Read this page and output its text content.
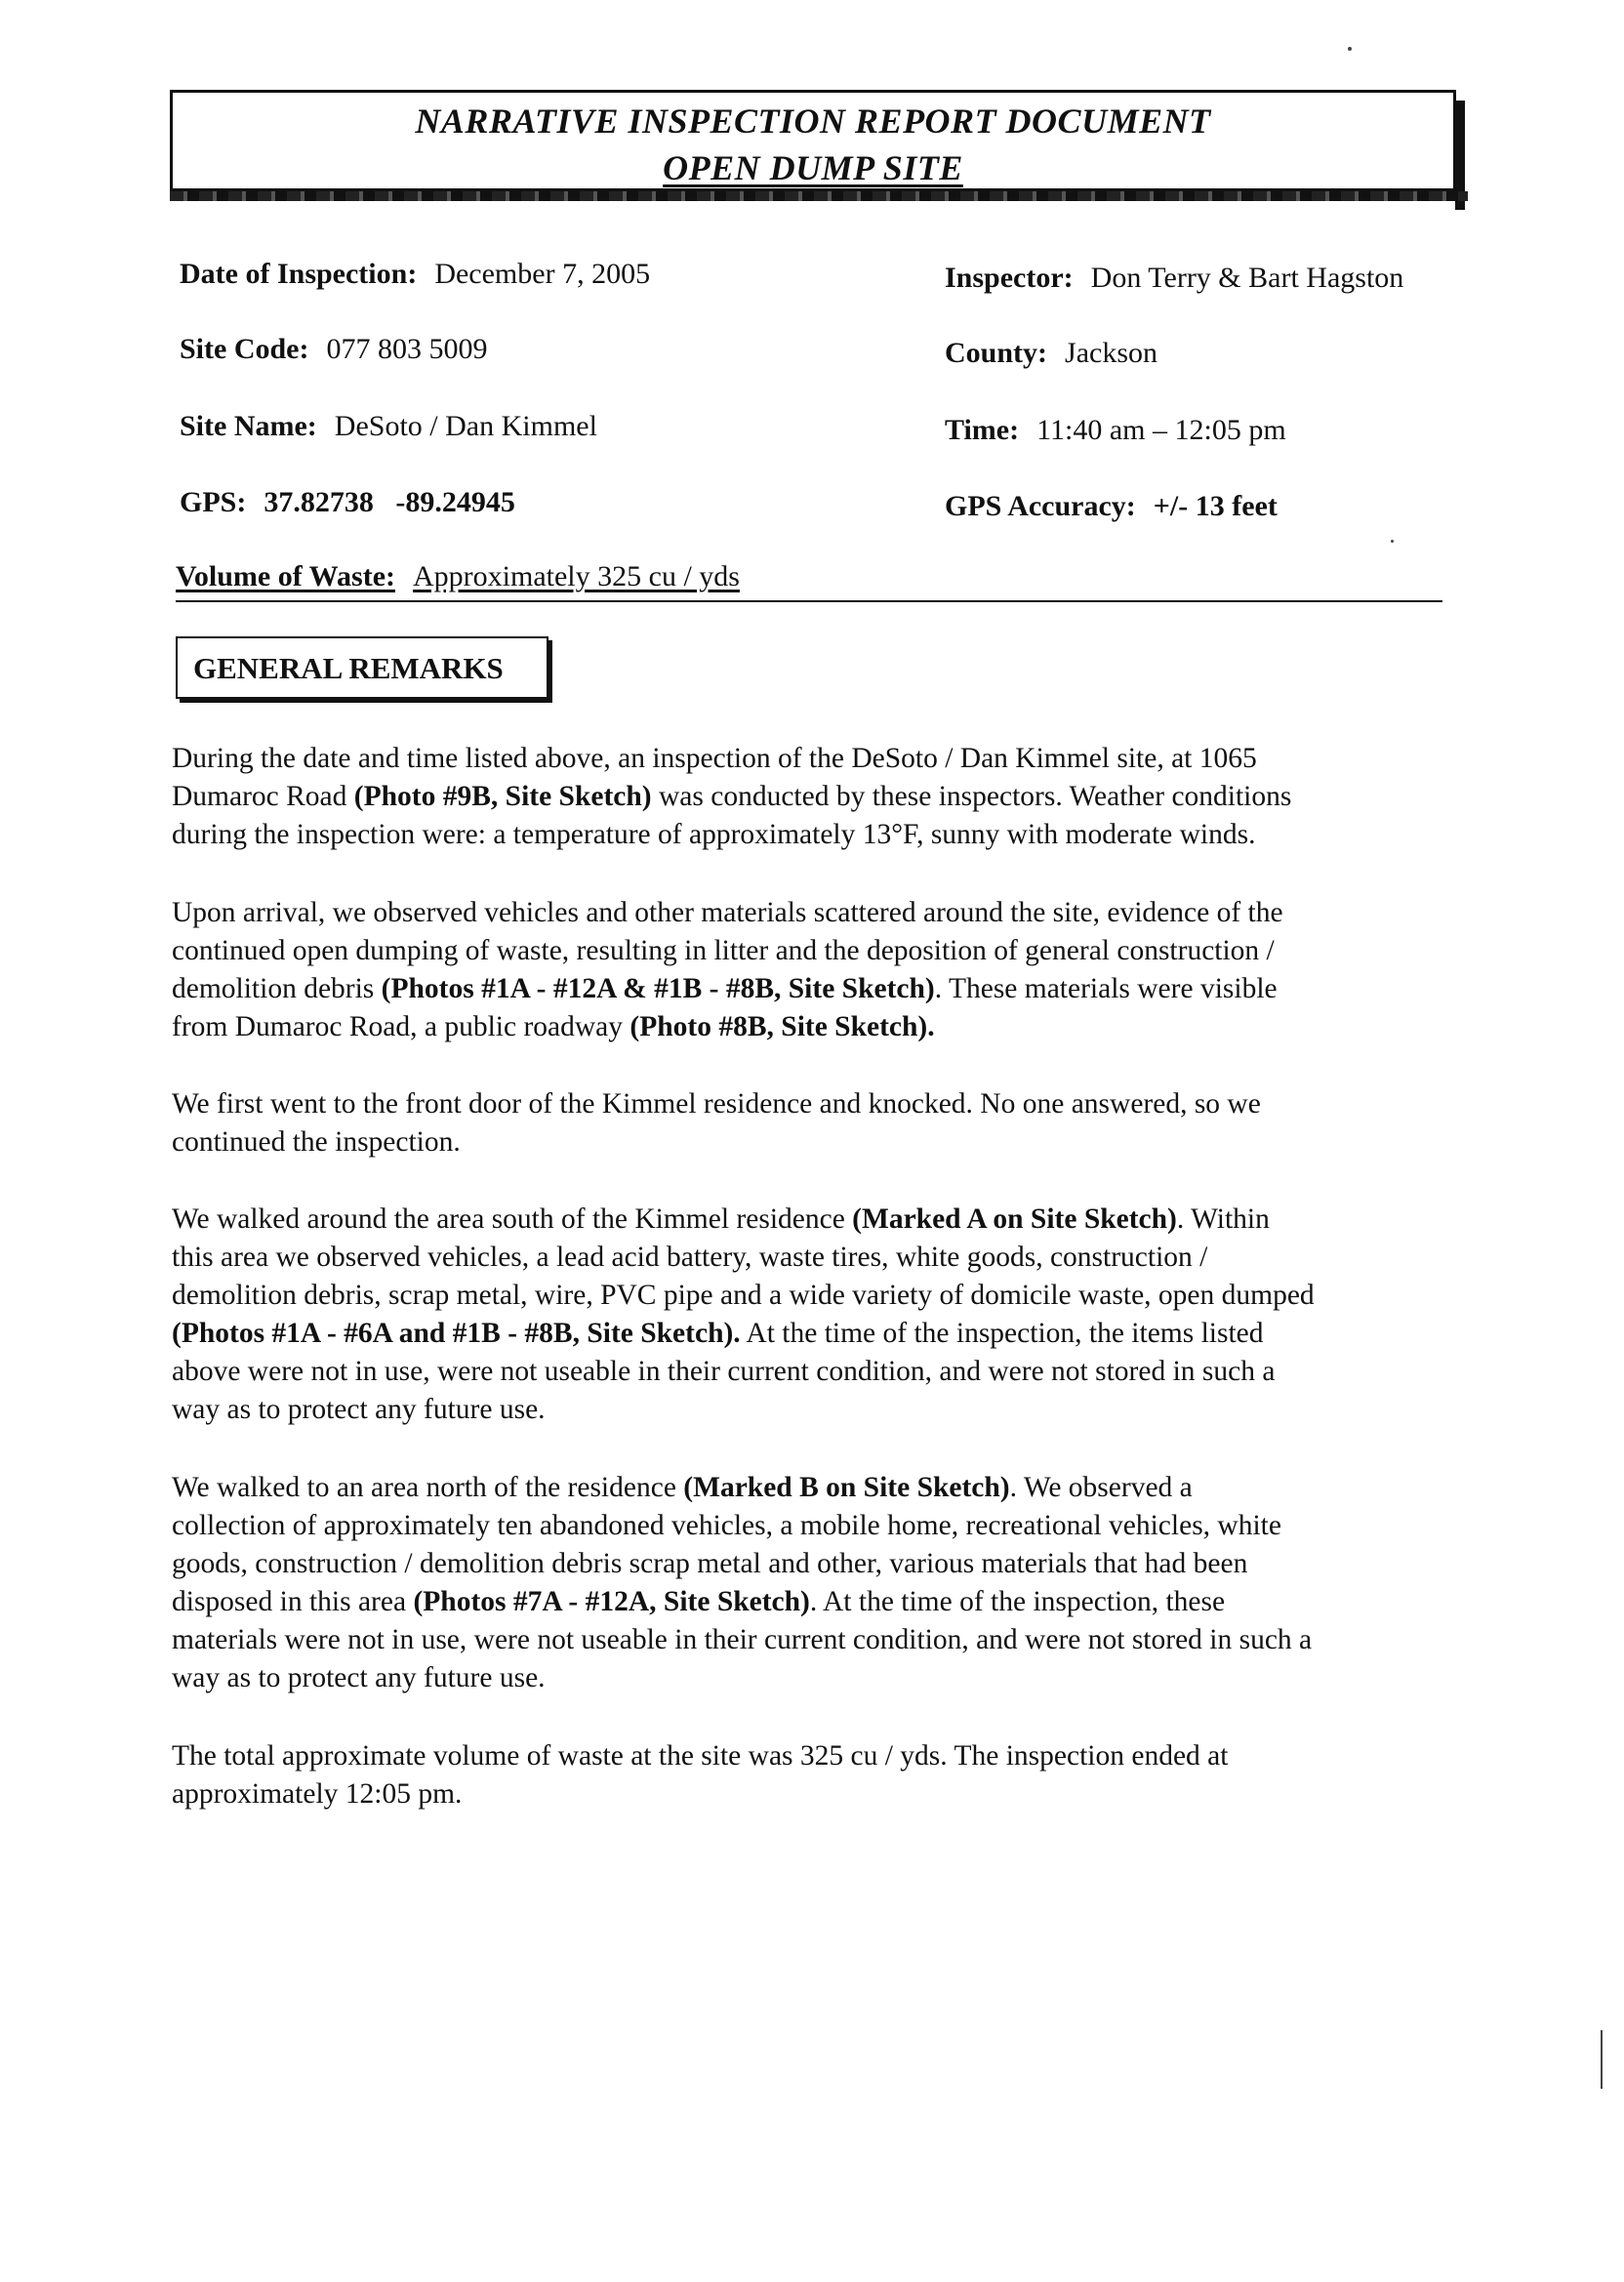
NARRATIVE INSPECTION REPORT DOCUMENT
OPEN DUMP SITE
Date of Inspection: December 7, 2005	Inspector: Don Terry & Bart Hagston
Site Code: 077 803 5009	County: Jackson
Site Name: DeSoto / Dan Kimmel	Time: 11:40 am – 12:05 pm
GPS: 37.82738   -89.24945	GPS Accuracy: +/- 13 feet
Volume of Waste: Approximately 325 cu / yds
GENERAL REMARKS
During the date and time listed above, an inspection of the DeSoto / Dan Kimmel site, at 1065
Dumaroc Road (Photo #9B, Site Sketch) was conducted by these inspectors. Weather conditions
during the inspection were: a temperature of approximately 13°F, sunny with moderate winds.
Upon arrival, we observed vehicles and other materials scattered around the site, evidence of the
continued open dumping of waste, resulting in litter and the deposition of general construction /
demolition debris (Photos #1A - #12A & #1B - #8B, Site Sketch). These materials were visible
from Dumaroc Road, a public roadway (Photo #8B, Site Sketch).
We first went to the front door of the Kimmel residence and knocked. No one answered, so we
continued the inspection.
We walked around the area south of the Kimmel residence (Marked A on Site Sketch). Within
this area we observed vehicles, a lead acid battery, waste tires, white goods, construction /
demolition debris, scrap metal, wire, PVC pipe and a wide variety of domicile waste, open dumped
(Photos #1A - #6A and #1B - #8B, Site Sketch). At the time of the inspection, the items listed
above were not in use, were not useable in their current condition, and were not stored in such a
way as to protect any future use.
We walked to an area north of the residence (Marked B on Site Sketch). We observed a
collection of approximately ten abandoned vehicles, a mobile home, recreational vehicles, white
goods, construction / demolition debris scrap metal and other, various materials that had been
disposed in this area (Photos #7A - #12A, Site Sketch). At the time of the inspection, these
materials were not in use, were not useable in their current condition, and were not stored in such a
way as to protect any future use.
The total approximate volume of waste at the site was 325 cu / yds. The inspection ended at
approximately 12:05 pm.
